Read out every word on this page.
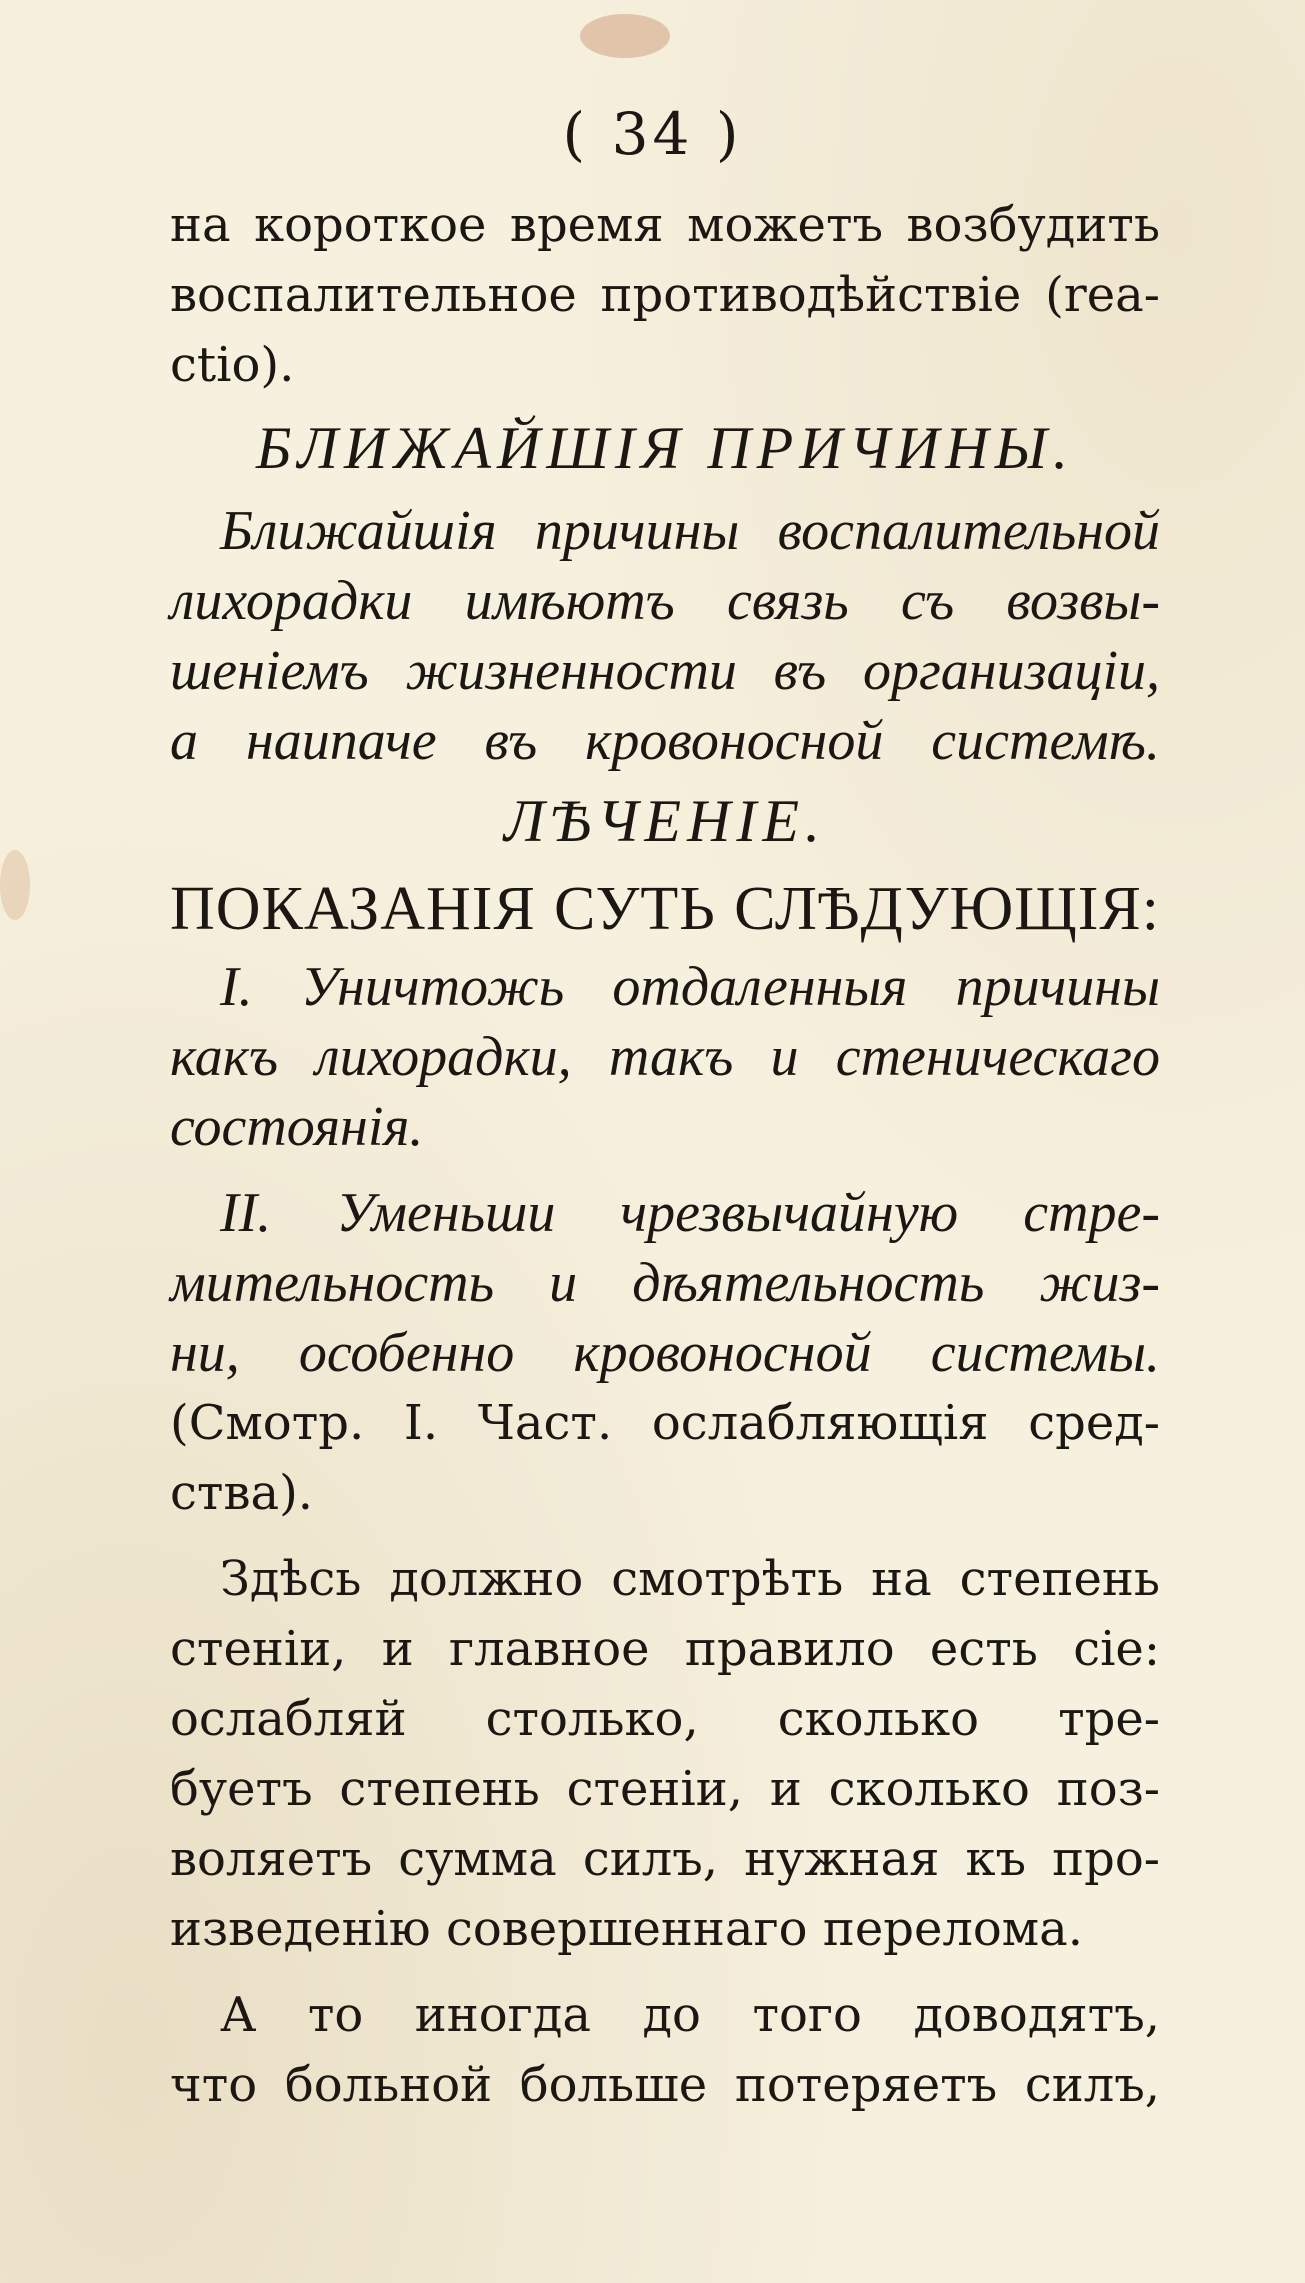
( 34 )
на короткое время можетъ возбудить
воспалительное противодѣйствіе (rea-
ctio).
БЛИЖАЙШІЯ ПРИЧИНЫ.
Ближайшія причины воспалительной
лихорадки имѣютъ связь съ возвы-
шеніемъ жизненности въ организаціи,
а наипаче въ кровоносной системѣ.
ЛѢЧЕНІЕ.
ПОКАЗАНІЯ СУТЬ СЛѢДУЮЩІЯ:
I. Уничтожь отдаленныя причины
какъ лихорадки, такъ и стеническаго
состоянія.
II. Уменьши чрезвычайную стре-
мительность и дѣятельность жиз-
ни, особенно кровоносной системы.
(Смотр. I. Част. ослабляющія сред-
ства).
Здѣсь должно смотрѣть на степень
стеніи, и главное правило есть сіе:
ослабляй столько, сколько тре-
буетъ степень стеніи, и сколько поз-
воляетъ сумма силъ, нужная къ про-
изведенію совершеннаго перелома.
А то иногда до того доводятъ,
что больной больше потеряетъ силъ,
